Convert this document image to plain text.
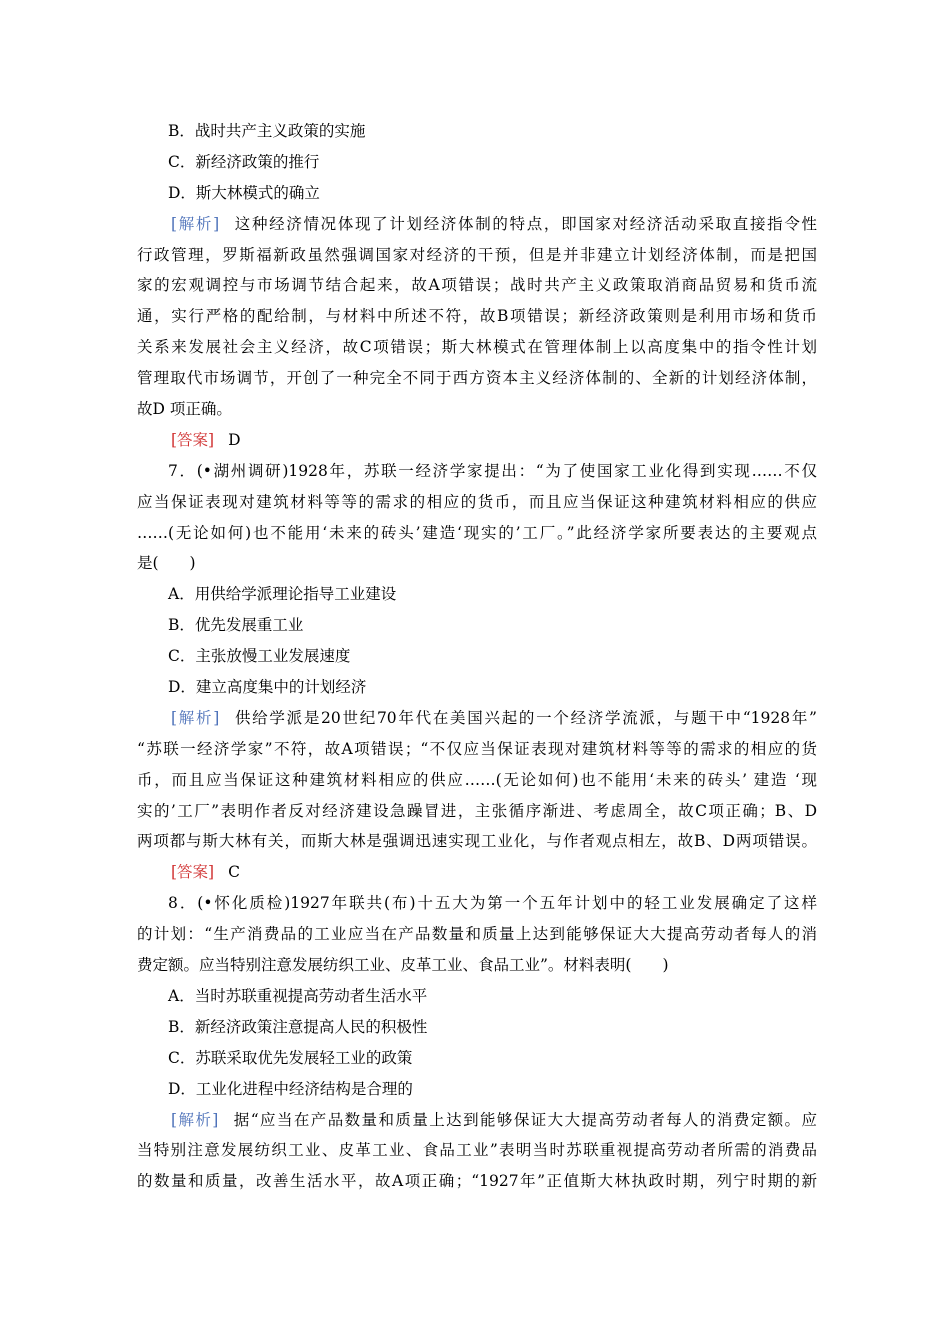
B．战时共产主义政策的实施
C．新经济政策的推行
D．斯大林模式的确立
[解析] 这种经济情况体现了计划经济体制的特点，即国家对经济活动采取直接指令性
行政管理，罗斯福新政虽然强调国家对经济的干预，但是并非建立计划经济体制，而是把国
家的宏观调控与市场调节结合起来，故A项错误；战时共产主义政策取消商品贸易和货币流
通，实行严格的配给制，与材料中所述不符，故B项错误；新经济政策则是利用市场和货币
关系来发展社会主义经济，故C项错误；斯大林模式在管理体制上以高度集中的指令性计划
管理取代市场调节，开创了一种完全不同于西方资本主义经济体制的、全新的计划经济体制，
故D 项正确。
[答案] D
7．(•湖州调研)1928年，苏联一经济学家提出：“为了使国家工业化得到实现……不仅
应当保证表现对建筑材料等等的需求的相应的货币，而且应当保证这种建筑材料相应的供应
……(无论如何)也不能用‘未来的砖头’建造‘现实的’工厂。”此经济学家所要表达的主要观点
是(　　)
A．用供给学派理论指导工业建设
B．优先发展重工业
C．主张放慢工业发展速度
D．建立高度集中的计划经济
[解析] 供给学派是20世纪70年代在美国兴起的一个经济学流派，与题干中“1928年”
“苏联一经济学家”不符，故A项错误；“不仅应当保证表现对建筑材料等等的需求的相应的货
币，而且应当保证这种建筑材料相应的供应……(无论如何)也不能用‘未来的砖头’ 建造 ‘现
实的’工厂”表明作者反对经济建设急躁冒进，主张循序渐进、考虑周全，故C项正确；B、D
两项都与斯大林有关，而斯大林是强调迅速实现工业化，与作者观点相左，故B、D两项错误。
[答案] C
8．(•怀化质检)1927年联共(布)十五大为第一个五年计划中的轻工业发展确定了这样
的计划：“生产消费品的工业应当在产品数量和质量上达到能够保证大大提高劳动者每人的消
费定额。应当特别注意发展纺织工业、皮革工业、食品工业”。材料表明(　　)
A．当时苏联重视提高劳动者生活水平
B．新经济政策注意提高人民的积极性
C．苏联采取优先发展轻工业的政策
D．工业化进程中经济结构是合理的
[解析] 据“应当在产品数量和质量上达到能够保证大大提高劳动者每人的消费定额。应
当特别注意发展纺织工业、皮革工业、食品工业”表明当时苏联重视提高劳动者所需的消费品
的数量和质量，改善生活水平，故A项正确；“1927年”正值斯大林执政时期，列宁时期的新
